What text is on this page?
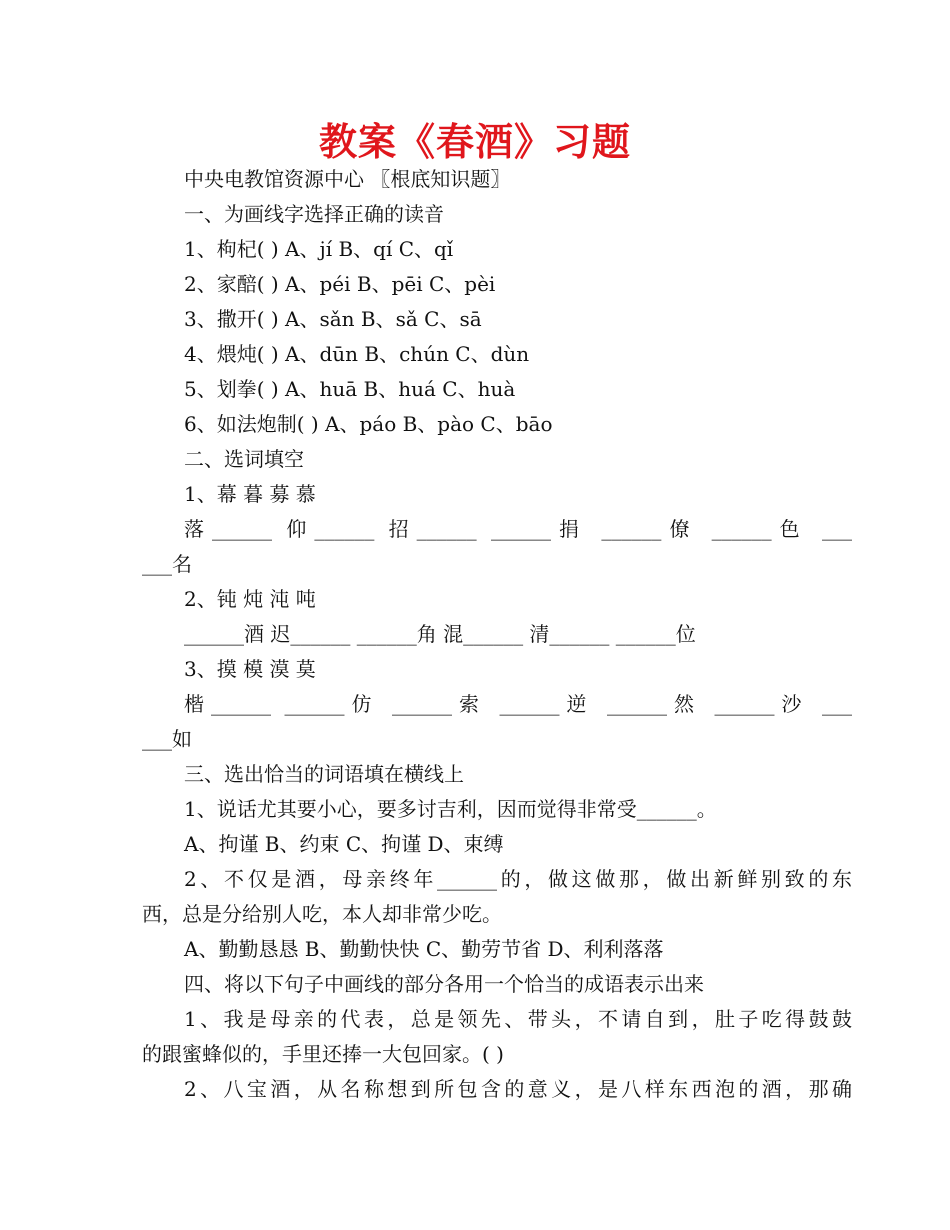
教案《春酒》习题
中央电教馆资源中心 〖根底知识题〗
一、为画线字选择正确的读音
1、枸杞( ) A、jí B、qí C、qǐ
2、家醅( ) A、péi B、pēi C、pèi
3、撒开( ) A、sǎn B、sǎ C、sā
4、煨炖( ) A、dūn B、chún C、dùn
5、划拳( ) A、huā B、huá C、huà
6、如法炮制( ) A、páo B、pào C、bāo
二、选词填空
1、幕 暮 募 慕
落______ 仰______ 招______ ______捐 ______僚 ______色 ___
___名
2、钝 炖 沌 吨
______酒 迟______ ______角 混______ 清______ ______位
3、摸 模 漠 莫
楷______ ______仿 ______索 ______逆 ______然 ______沙 ___
___如
三、选出恰当的词语填在横线上
1、说话尤其要小心，要多讨吉利，因而觉得非常受______。
A、拘谨 B、约束 C、拘谨 D、束缚
2、不仅是酒，母亲终年______的，做这做那，做出新鲜别致的东
西，总是分给别人吃，本人却非常少吃。
A、勤勤恳恳 B、勤勤快快 C、勤劳节省 D、利利落落
四、将以下句子中画线的部分各用一个恰当的成语表示出来
1、我是母亲的代表，总是领先、带头，不请自到，肚子吃得鼓鼓
的跟蜜蜂似的，手里还捧一大包回家。( )
2、八宝酒，从名称想到所包含的意义，是八样东西泡的酒，那确
